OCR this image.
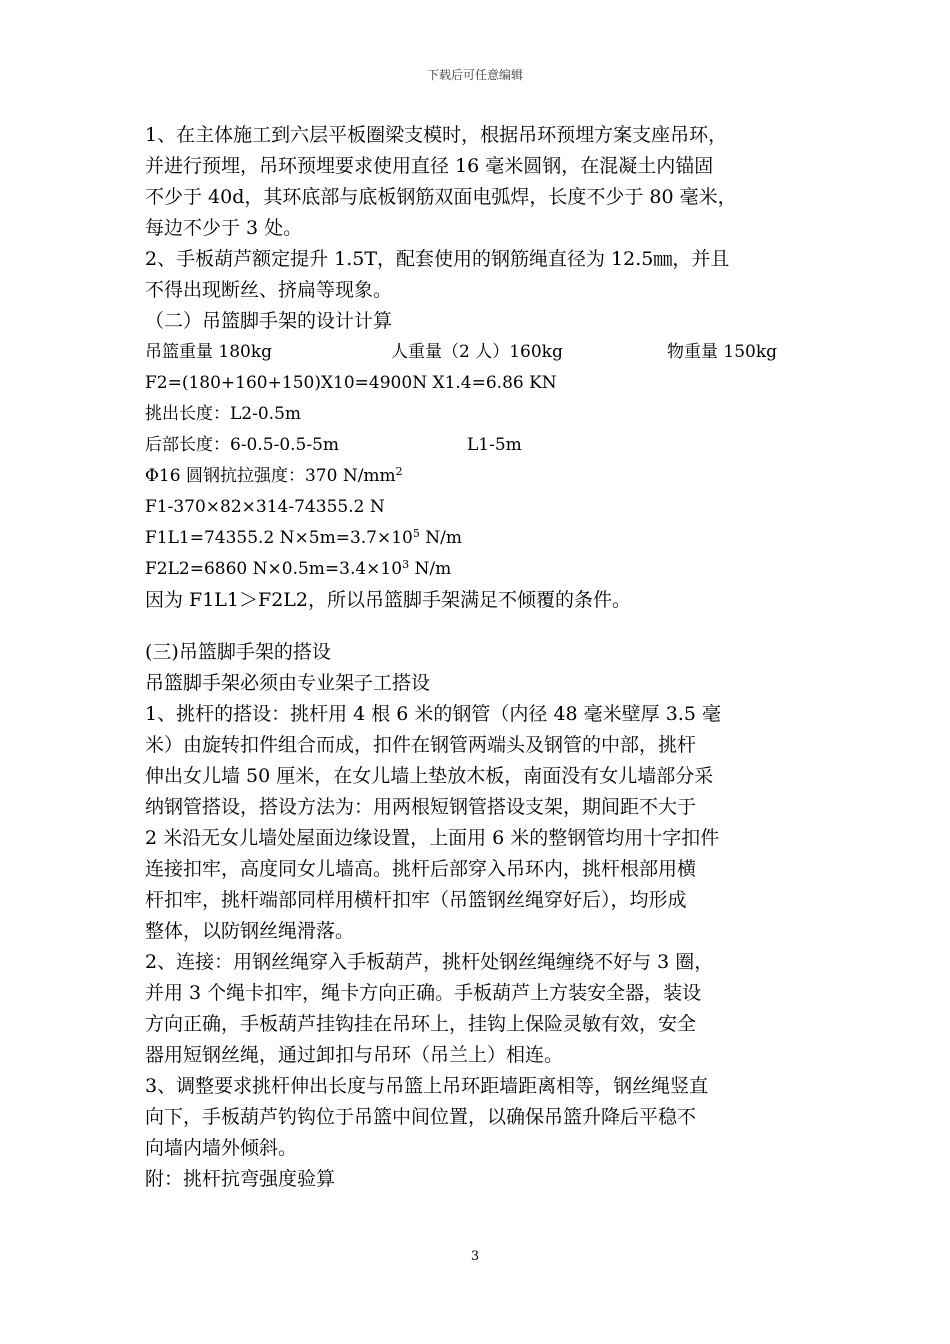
下载后可任意编辑
1、在主体施工到六层平板圈梁支模时，根据吊环预埋方案支座吊环，
并进行预埋，吊环预埋要求使用直径 16 毫米圆钢，在混凝土内锚固
不少于 40d，其环底部与底板钢筋双面电弧焊，长度不少于 80 毫米，
每边不少于 3 处。
2、手板葫芦额定提升 1.5T，配套使用的钢筋绳直径为 12.5㎜，并且
不得出现断丝、挤扁等现象。
（二）吊篮脚手架的设计计算
吊篮重量 180kg	人重量（2 人）160kg	物重量 150kg
F2=(180+160+150)X10=4900N X1.4=6.86 KN
挑出长度：L2-0.5m
后部长度：6-0.5-0.5-5m	L1-5m
Φ16 圆钢抗拉强度：370 $N/mm^2$
F1-370×82×314-74355.2 N
F1L1=74355.2 $N\times 5m=3.7\times 10^5$ N/m
F2L2=6860 $N\times 0.5m=3.4\times 10^3$ N/m
因为 F1L1＞F2L2，所以吊篮脚手架满足不倾覆的条件。
(三)吊篮脚手架的搭设
吊篮脚手架必须由专业架子工搭设
1、挑杆的搭设：挑杆用 4 根 6 米的钢管（内径 48 毫米壁厚 3.5 毫
米）由旋转扣件组合而成，扣件在钢管两端头及钢管的中部，挑杆
伸出女儿墙 50 厘米，在女儿墙上垫放木板，南面没有女儿墙部分采
纳钢管搭设，搭设方法为：用两根短钢管搭设支架，期间距不大于
2 米沿无女儿墙处屋面边缘设置，上面用 6 米的整钢管均用十字扣件
连接扣牢，高度同女儿墙高。挑杆后部穿入吊环内，挑杆根部用横
杆扣牢，挑杆端部同样用横杆扣牢（吊篮钢丝绳穿好后），均形成
整体，以防钢丝绳滑落。
2、连接：用钢丝绳穿入手板葫芦，挑杆处钢丝绳缠绕不好与 3 圈，
并用 3 个绳卡扣牢，绳卡方向正确。手板葫芦上方装安全器，装设
方向正确，手板葫芦挂钩挂在吊环上，挂钩上保险灵敏有效，安全
器用短钢丝绳，通过卸扣与吊环（吊兰上）相连。
3、调整要求挑杆伸出长度与吊篮上吊环距墙距离相等，钢丝绳竖直
向下，手板葫芦钓钩位于吊篮中间位置，以确保吊篮升降后平稳不
向墙内墙外倾斜。
附：挑杆抗弯强度验算
3
